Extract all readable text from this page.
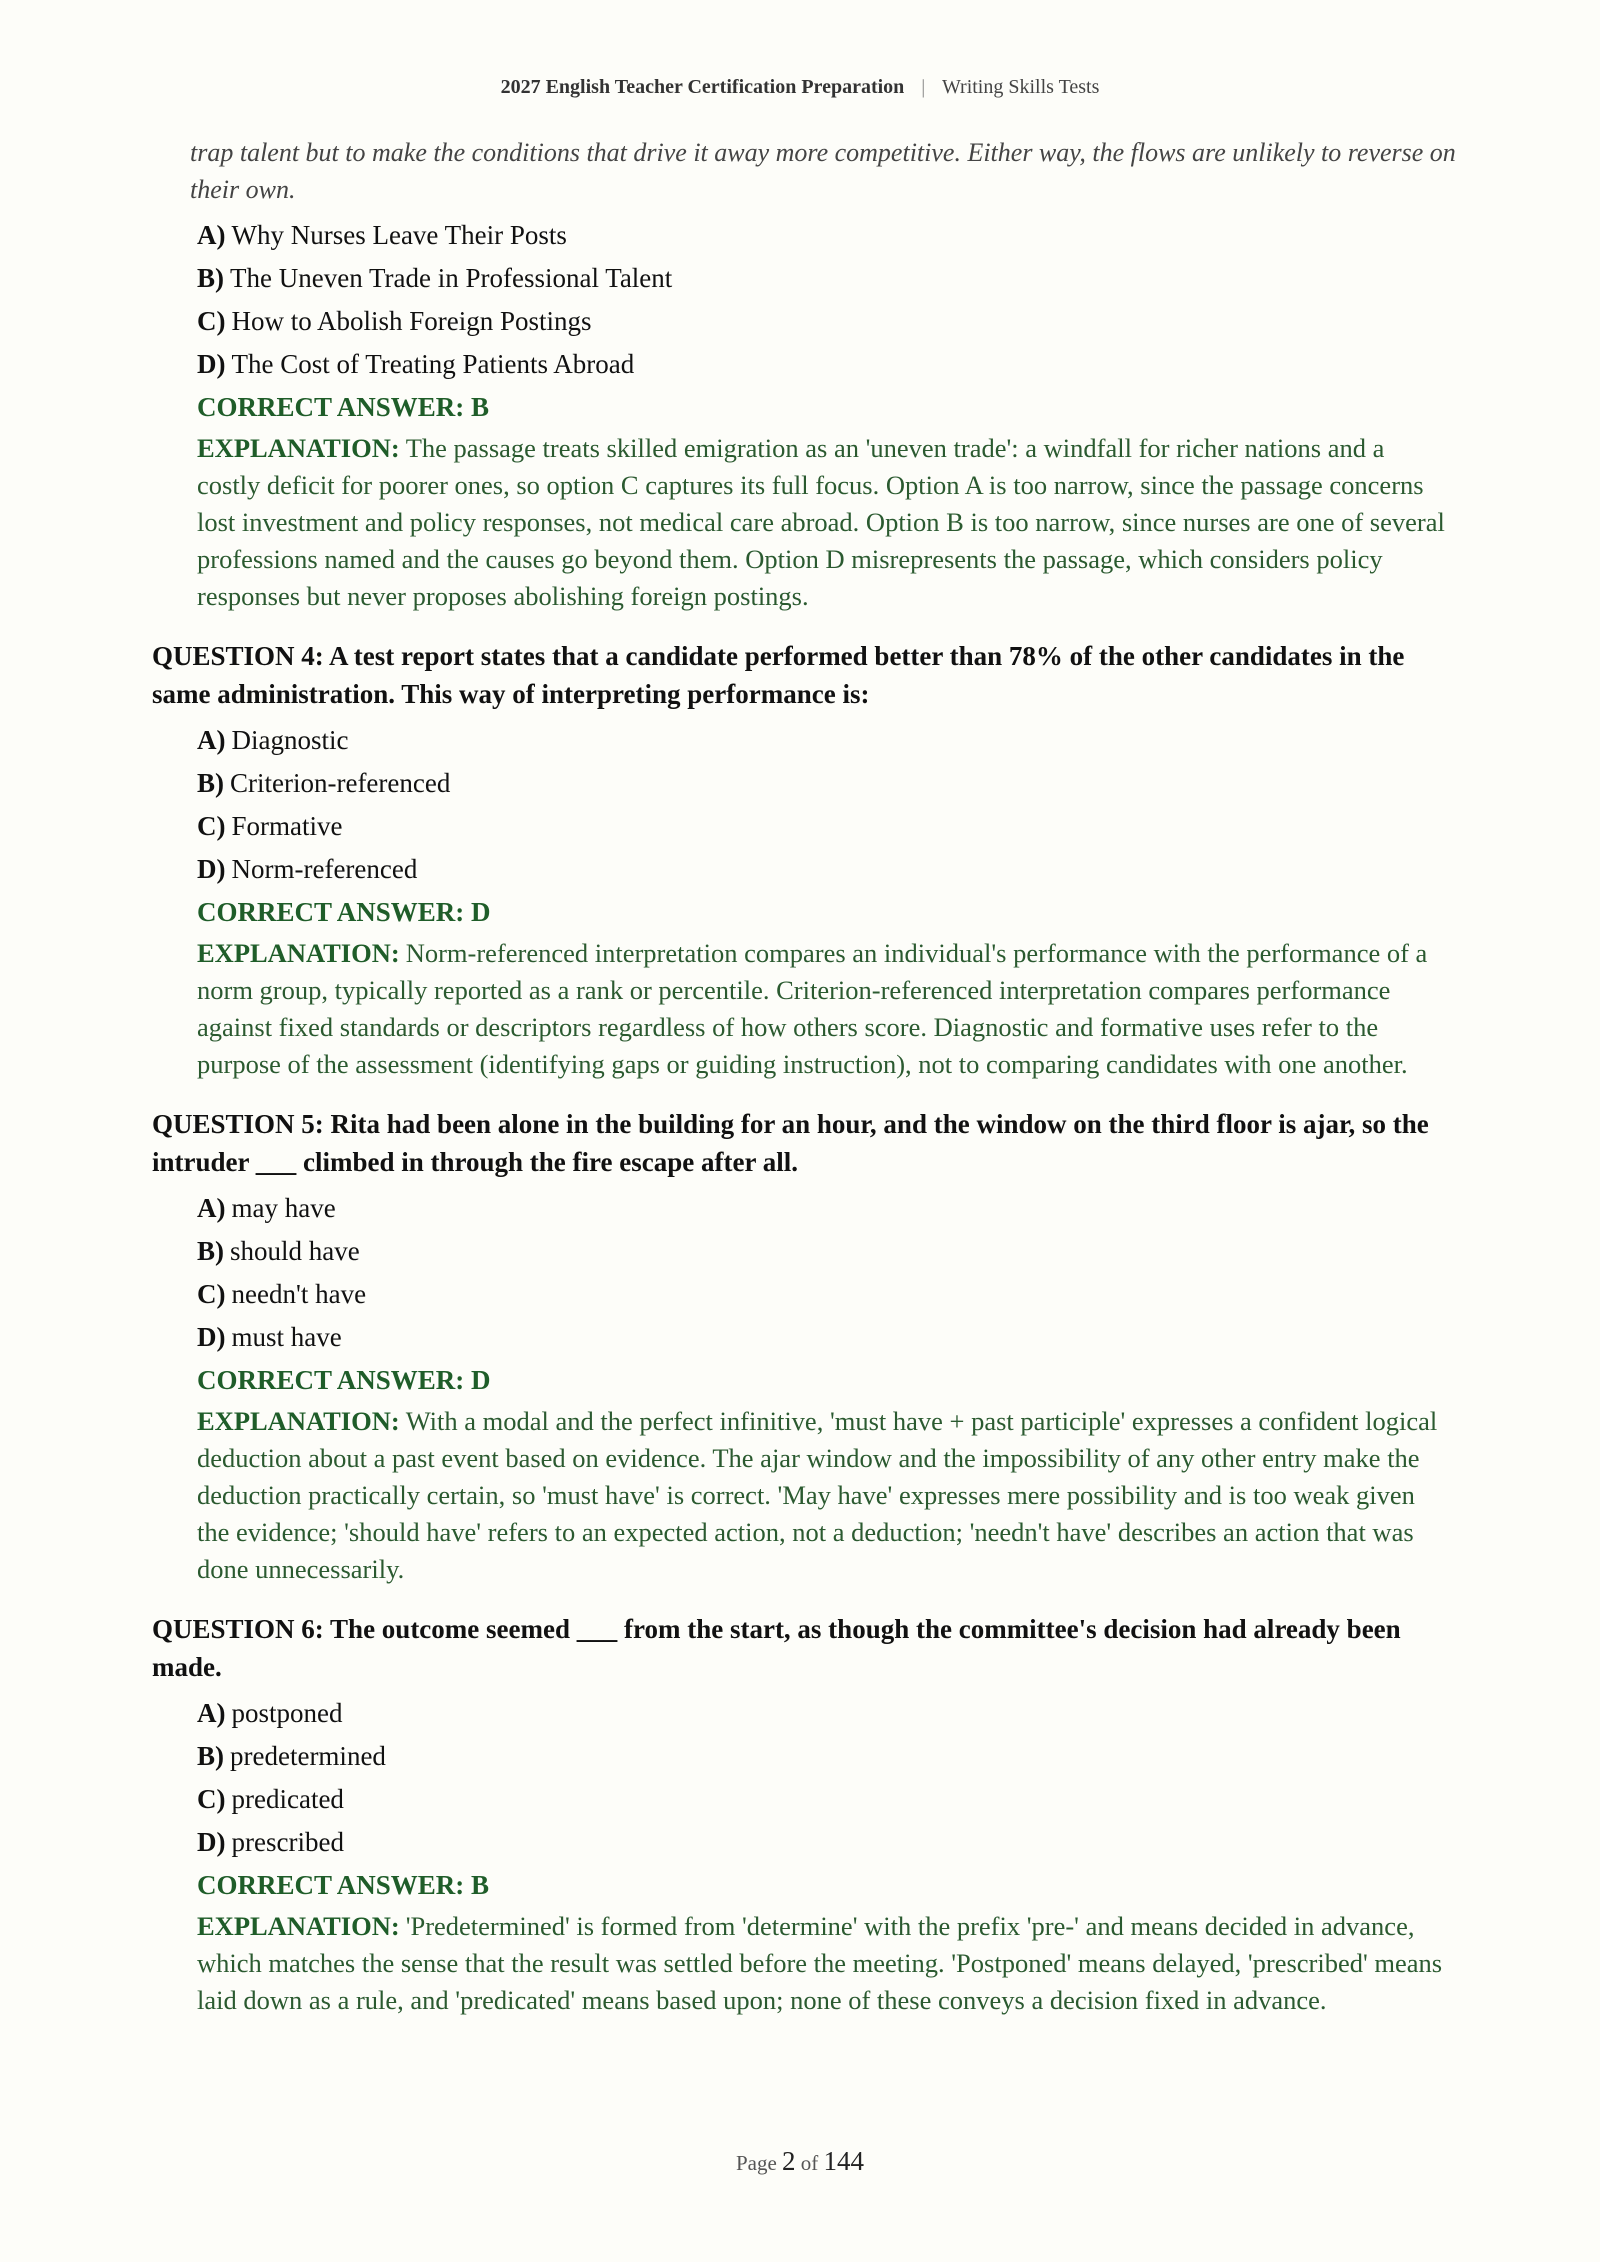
2027 English Teacher Certification Preparation | Writing Skills Tests
trap talent but to make the conditions that drive it away more competitive. Either way, the flows are unlikely to reverse on their own.
A) Why Nurses Leave Their Posts
B) The Uneven Trade in Professional Talent
C) How to Abolish Foreign Postings
D) The Cost of Treating Patients Abroad
CORRECT ANSWER: B
EXPLANATION: The passage treats skilled emigration as an 'uneven trade': a windfall for richer nations and a costly deficit for poorer ones, so option C captures its full focus. Option A is too narrow, since the passage concerns lost investment and policy responses, not medical care abroad. Option B is too narrow, since nurses are one of several professions named and the causes go beyond them. Option D misrepresents the passage, which considers policy responses but never proposes abolishing foreign postings.
QUESTION 4: A test report states that a candidate performed better than 78% of the other candidates in the same administration. This way of interpreting performance is:
A) Diagnostic
B) Criterion-referenced
C) Formative
D) Norm-referenced
CORRECT ANSWER: D
EXPLANATION: Norm-referenced interpretation compares an individual's performance with the performance of a norm group, typically reported as a rank or percentile. Criterion-referenced interpretation compares performance against fixed standards or descriptors regardless of how others score. Diagnostic and formative uses refer to the purpose of the assessment (identifying gaps or guiding instruction), not to comparing candidates with one another.
QUESTION 5: Rita had been alone in the building for an hour, and the window on the third floor is ajar, so the intruder ___ climbed in through the fire escape after all.
A) may have
B) should have
C) needn't have
D) must have
CORRECT ANSWER: D
EXPLANATION: With a modal and the perfect infinitive, 'must have + past participle' expresses a confident logical deduction about a past event based on evidence. The ajar window and the impossibility of any other entry make the deduction practically certain, so 'must have' is correct. 'May have' expresses mere possibility and is too weak given the evidence; 'should have' refers to an expected action, not a deduction; 'needn't have' describes an action that was done unnecessarily.
QUESTION 6: The outcome seemed ___ from the start, as though the committee's decision had already been made.
A) postponed
B) predetermined
C) predicated
D) prescribed
CORRECT ANSWER: B
EXPLANATION: 'Predetermined' is formed from 'determine' with the prefix 'pre-' and means decided in advance, which matches the sense that the result was settled before the meeting. 'Postponed' means delayed, 'prescribed' means laid down as a rule, and 'predicated' means based upon; none of these conveys a decision fixed in advance.
Page 2 of 144
